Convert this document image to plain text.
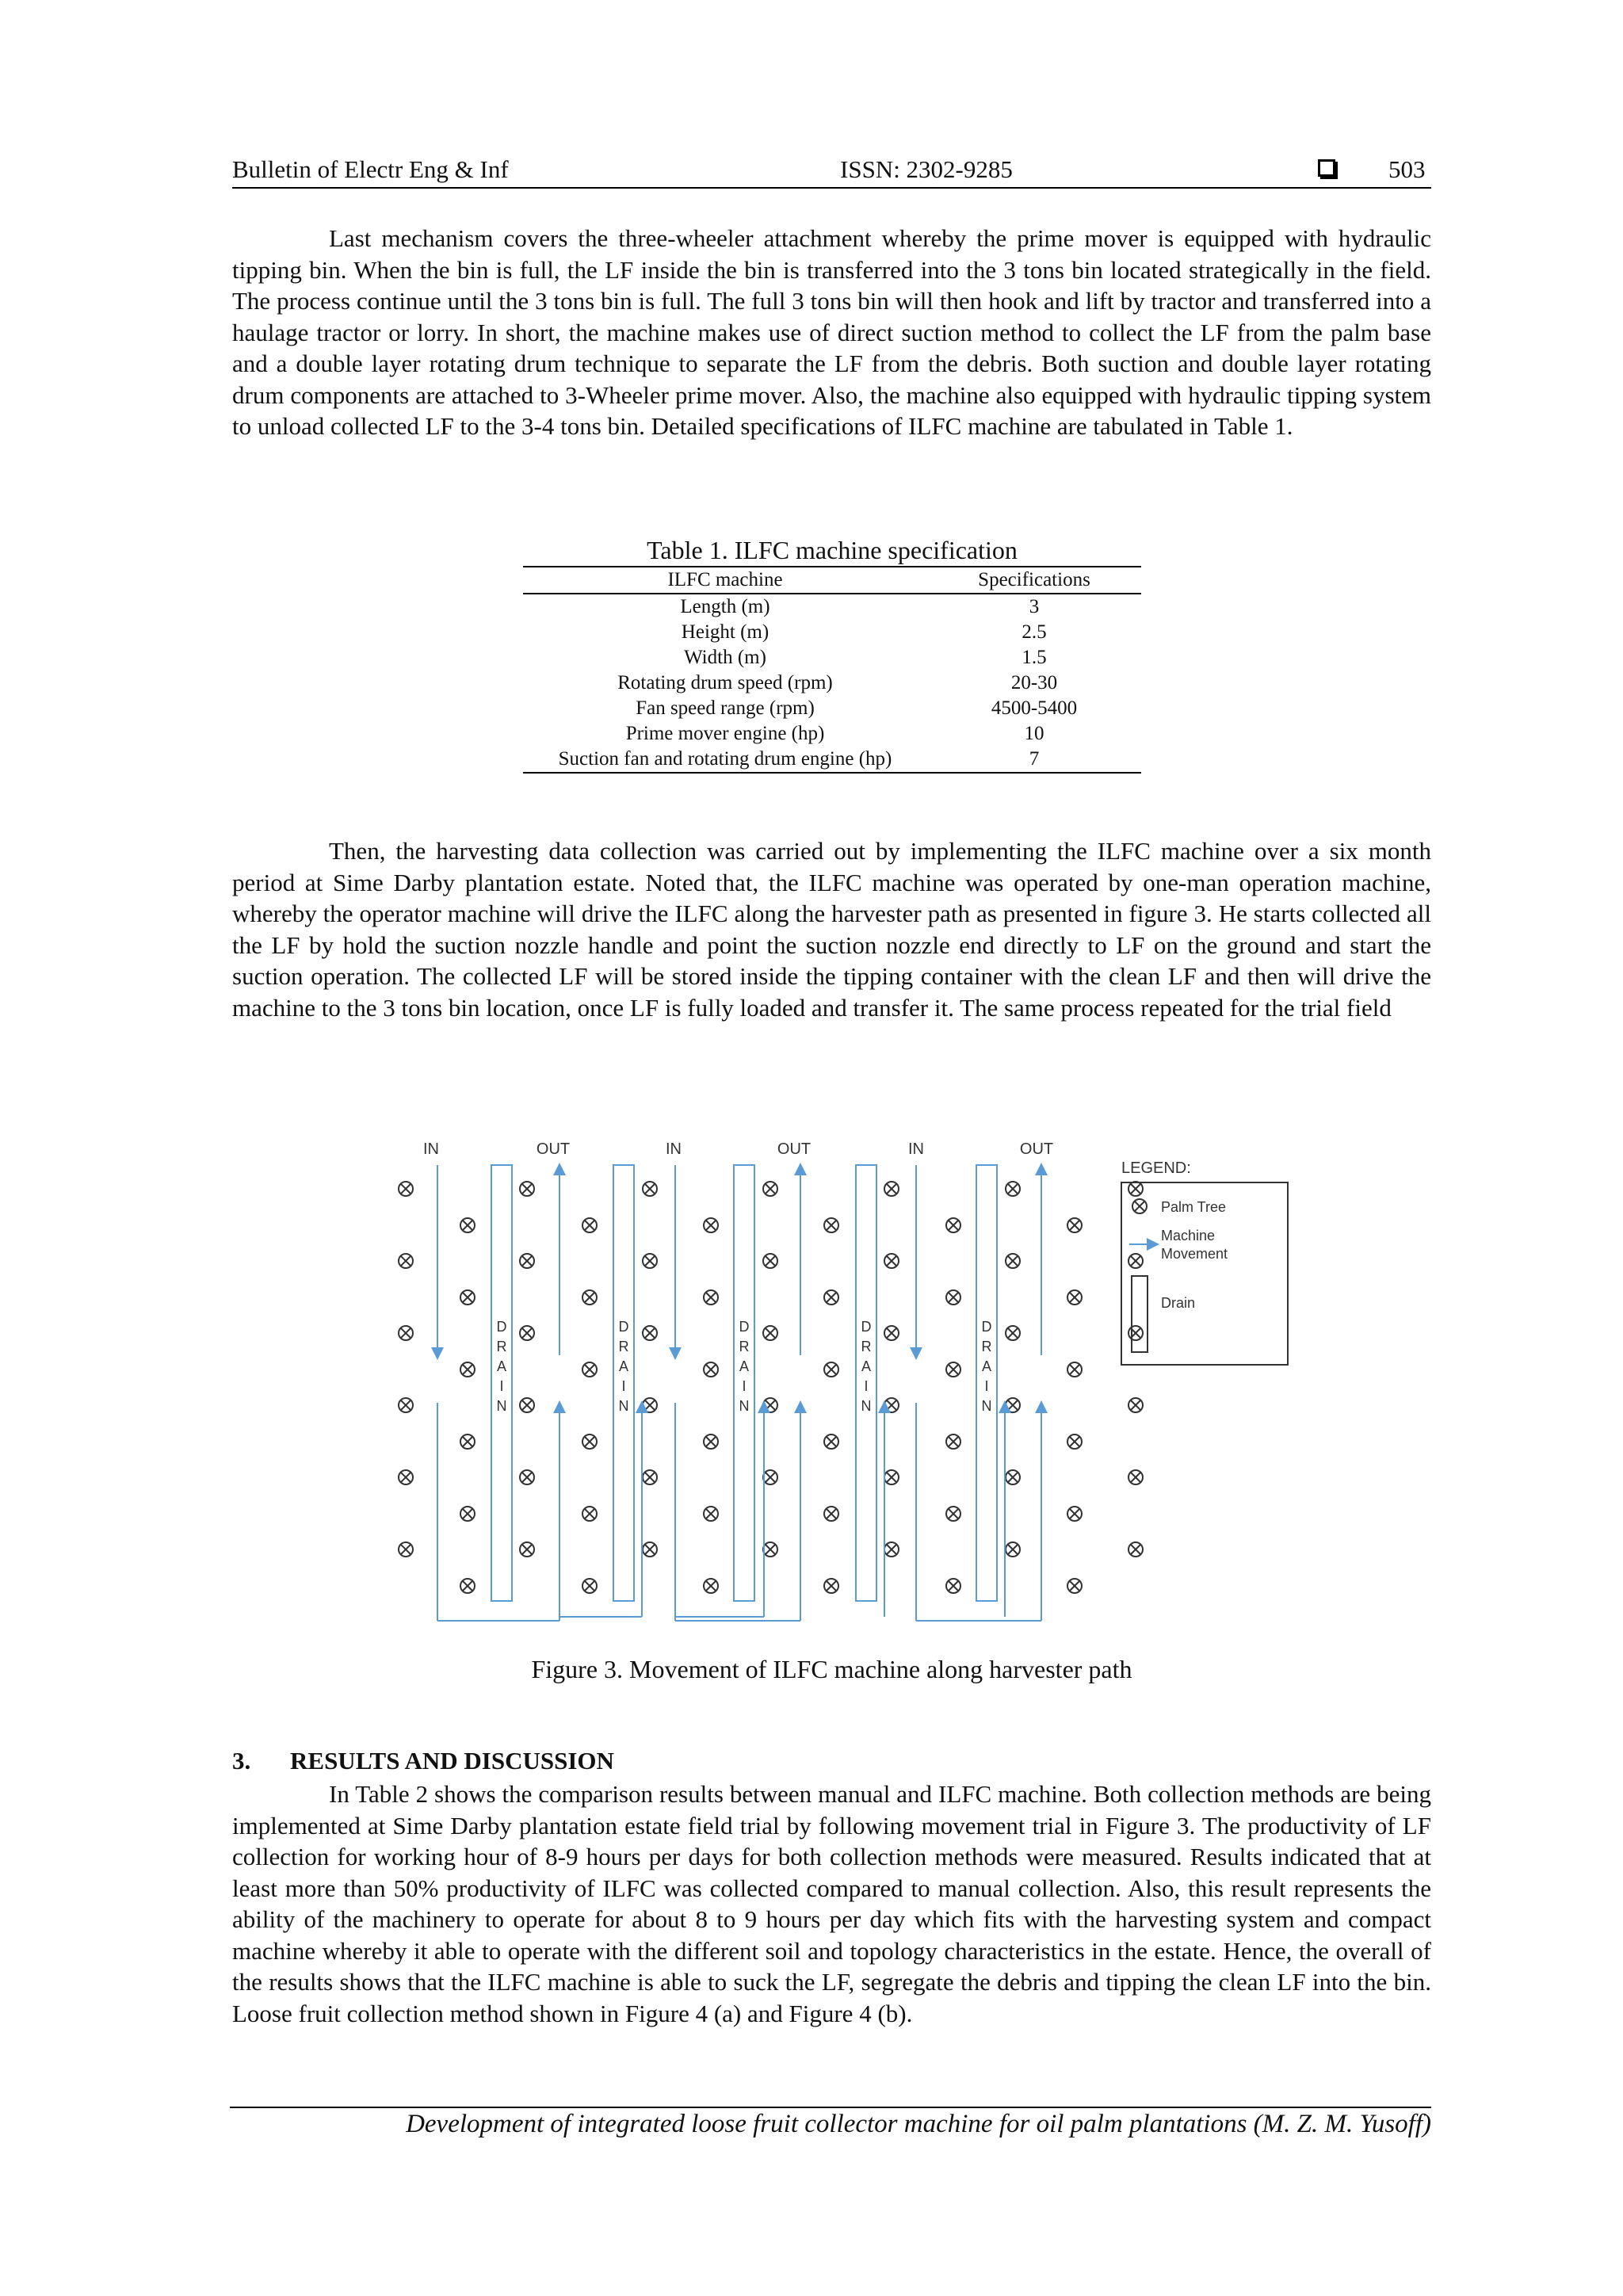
Bulletin of Electr Eng & Inf	ISSN: 2302-9285	503
Last mechanism covers the three-wheeler attachment whereby the prime mover is equipped with hydraulic tipping bin. When the bin is full, the LF inside the bin is transferred into the 3 tons bin located strategically in the field. The process continue until the 3 tons bin is full. The full 3 tons bin will then hook and lift by tractor and transferred into a haulage tractor or lorry. In short, the machine makes use of direct suction method to collect the LF from the palm base and a double layer rotating drum technique to separate the LF from the debris. Both suction and double layer rotating drum components are attached to 3-Wheeler prime mover. Also, the machine also equipped with hydraulic tipping system to unload collected LF to the 3-4 tons bin. Detailed specifications of ILFC machine are tabulated in Table 1.
Table 1. ILFC machine specification
ILFC machine	Specifications
Length (m)	3
Height (m)	2.5
Width (m)	1.5
Rotating drum speed (rpm)	20-30
Fan speed range (rpm)	4500-5400
Prime mover engine (hp)	10
Suction fan and rotating drum engine (hp)	7
Then, the harvesting data collection was carried out by implementing the ILFC machine over a six month period at Sime Darby plantation estate. Noted that, the ILFC machine was operated by one-man operation machine, whereby the operator machine will drive the ILFC along the harvester path as presented in figure 3. He starts collected all the LF by hold the suction nozzle handle and point the suction nozzle end directly to LF on the ground and start the suction operation. The collected LF will be stored inside the tipping container with the clean LF and then will drive the machine to the 3 tons bin location, once LF is fully loaded and transfer it. The same process repeated for the trial field
IN	OUT	IN	OUT	IN	OUT
D
R
A
I
N
D
R
A
I
N
D
R
A
I
N
D
R
A
I
N
D
R
A
I
N
LEGEND:
Palm Tree
Machine
Movement
Drain
Figure 3. Movement of ILFC machine along harvester path
3. RESULTS AND DISCUSSION
In Table 2 shows the comparison results between manual and ILFC machine. Both collection methods are being implemented at Sime Darby plantation estate field trial by following movement trial in Figure 3. The productivity of LF collection for working hour of 8-9 hours per days for both collection methods were measured. Results indicated that at least more than 50% productivity of ILFC was collected compared to manual collection. Also, this result represents the ability of the machinery to operate for about 8 to 9 hours per day which fits with the harvesting system and compact machine whereby it able to operate with the different soil and topology characteristics in the estate. Hence, the overall of the results shows that the ILFC machine is able to suck the LF, segregate the debris and tipping the clean LF into the bin. Loose fruit collection method shown in Figure 4 (a) and Figure 4 (b).
Development of integrated loose fruit collector machine for oil palm plantations (M. Z. M. Yusoff)
